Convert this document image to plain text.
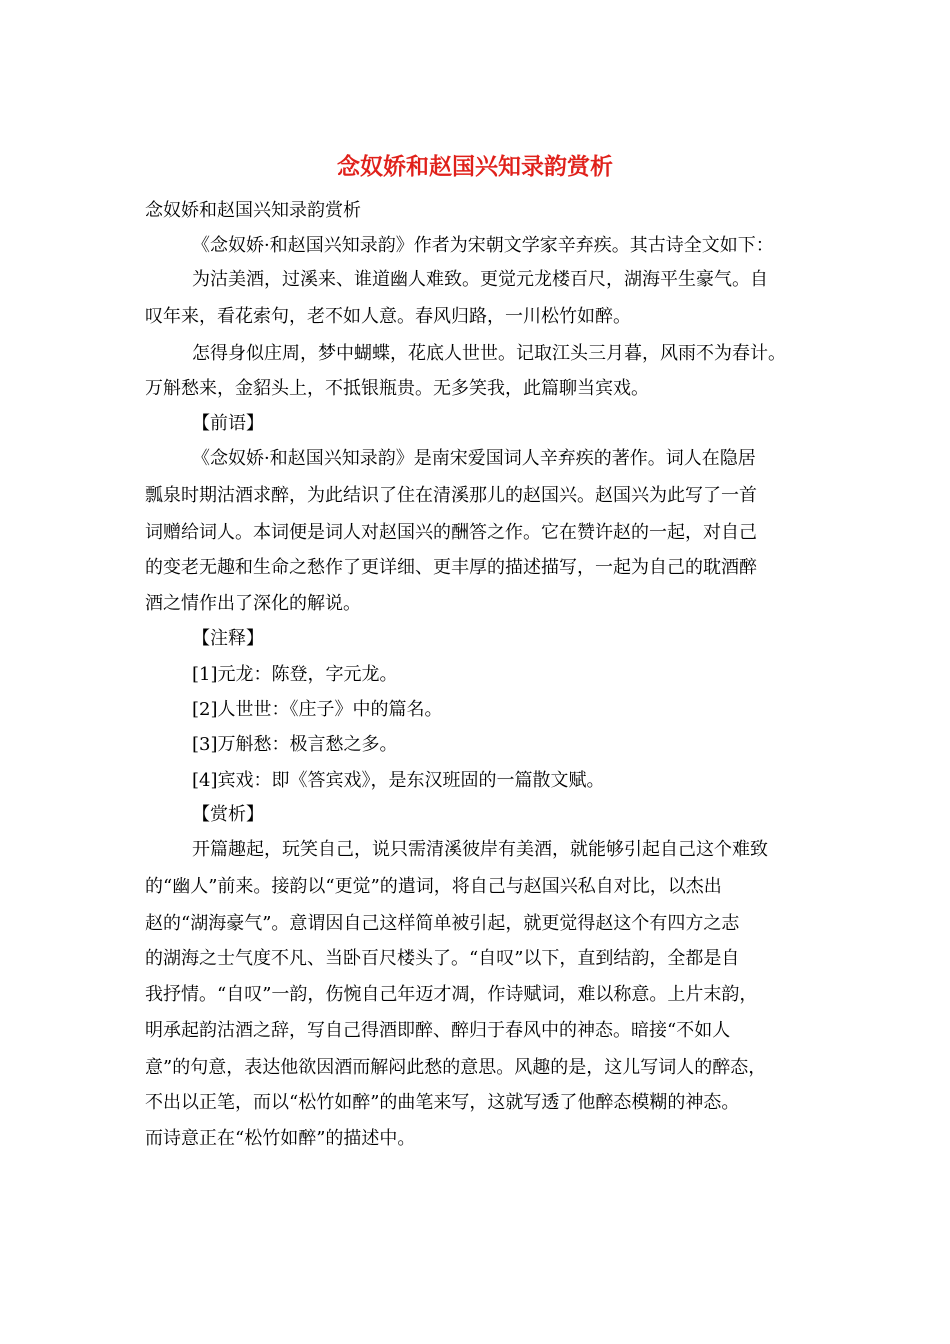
念奴娇和赵国兴知录韵赏析

念奴娇和赵国兴知录韵赏析

《念奴娇·和赵国兴知录韵》作者为宋朝文学家辛弃疾。其古诗全文如下：

为沽美酒，过溪来、谁道幽人难致。更觉元龙楼百尺，湖海平生豪气。自

叹年来，看花索句，老不如人意。春风归路，一川松竹如醉。

怎得身似庄周，梦中蝴蝶，花底人世世。记取江头三月暮，风雨不为春计。

万斛愁来，金貂头上，不抵银瓶贵。无多笑我，此篇聊当宾戏。

【前语】

《念奴娇·和赵国兴知录韵》是南宋爱国词人辛弃疾的著作。词人在隐居

瓢泉时期沽酒求醉，为此结识了住在清溪那儿的赵国兴。赵国兴为此写了一首

词赠给词人。本词便是词人对赵国兴的酬答之作。它在赞许赵的一起，对自己

的变老无趣和生命之愁作了更详细、更丰厚的描述描写，一起为自己的耽酒醉

酒之情作出了深化的解说。

【注释】

[1]元龙：陈登，字元龙。

[2]人世世：《庄子》中的篇名。

[3]万斛愁：极言愁之多。

[4]宾戏：即《答宾戏》，是东汉班固的一篇散文赋。

【赏析】

开篇趣起，玩笑自己，说只需清溪彼岸有美酒，就能够引起自己这个难致

的“幽人”前来。接韵以“更觉”的遣词，将自己与赵国兴私自对比，以杰出

赵的“湖海豪气”。意谓因自己这样简单被引起，就更觉得赵这个有四方之志

的湖海之士气度不凡、当卧百尺楼头了。“自叹”以下，直到结韵，全都是自

我抒情。“自叹”一韵，伤惋自己年迈才凋，作诗赋词，难以称意。上片末韵，

明承起韵沽酒之辞，写自己得酒即醉、醉归于春风中的神态。暗接“不如人

意”的句意，表达他欲因酒而解闷此愁的意思。风趣的是，这儿写词人的醉态，

不出以正笔，而以“松竹如醉”的曲笔来写，这就写透了他醉态模糊的神态。

而诗意正在“松竹如醉”的描述中。
